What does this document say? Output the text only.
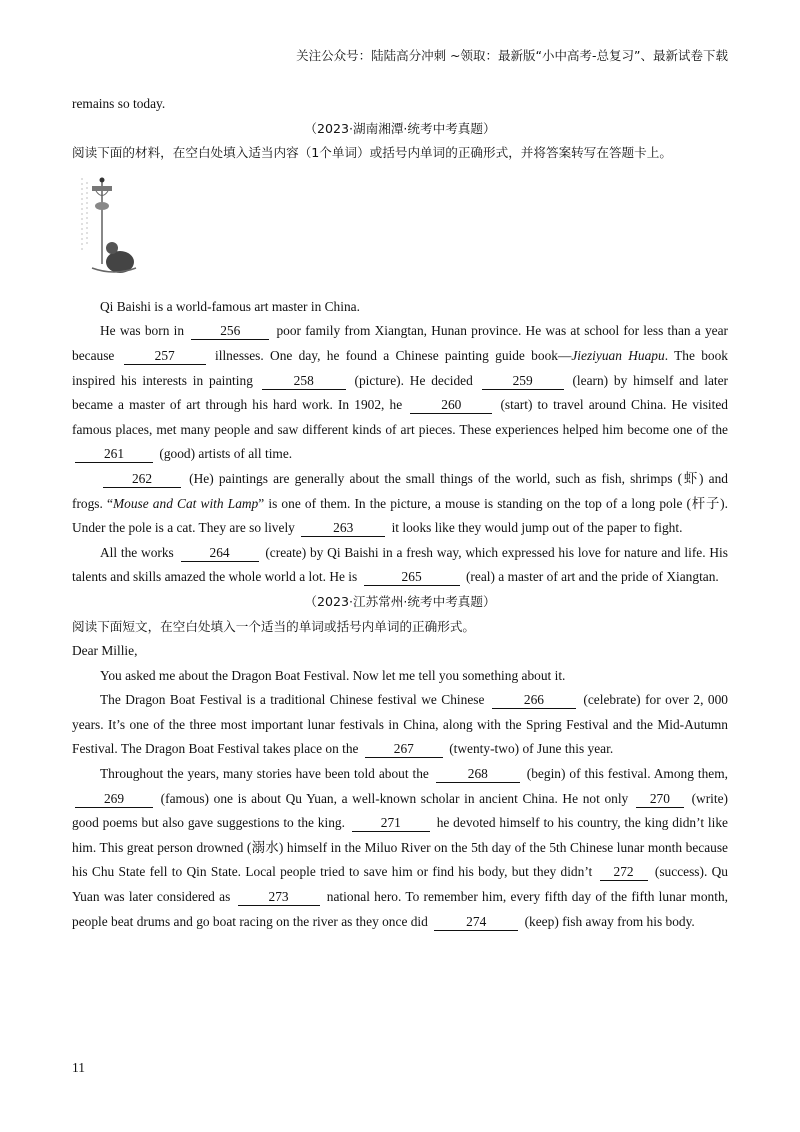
关注公众号：陆陆高分冲刺 ~领取：最新版“小中高考-总复习”、最新试卷下载
remains so today.
（2023·湖南湘潭·统考中考真题）
阅读下面的材料，在空白处填入适当内容（1个单词）或括号内单词的正确形式，并将答案转写在答题卡上。
Qi Baishi is a world-famous art master in China.
He was born in	256	poor family from Xiangtan, Hunan province. He was at school for less than a year because	257	illnesses. One day, he found a Chinese painting guide book—Jieziyuan Huapu. The book inspired his interests in painting	258	(picture). He decided	259	(learn) by himself and later became a master of art through his hard work. In 1902, he	260	(start) to travel around China. He visited famous places, met many people and saw different kinds of art pieces. These experiences helped him become one of the 261	(good) artists of all time.
262	(He) paintings are generally about the small things of the world, such as fish, shrimps (虾) and frogs. “Mouse and Cat with Lamp” is one of them. In the picture, a mouse is standing on the top of a long pole (杆子). Under the pole is a cat. They are so lively	263	it looks like they would jump out of the paper to fight.
All the works	264	(create) by Qi Baishi in a fresh way, which expressed his love for nature and life. His talents and skills amazed the whole world a lot. He is	265	(real) a master of art and the pride of Xiangtan.
（2023·江苏常州·统考中考真题）
阅读下面短文，在空白处填入一个适当的单词或括号内单词的正确形式。
Dear Millie,
You asked me about the Dragon Boat Festival. Now let me tell you something about it.
The Dragon Boat Festival is a traditional Chinese festival we Chinese	266	(celebrate) for over 2, 000 years. It’s one of the three most important lunar festivals in China, along with the Spring Festival and the Mid-Autumn Festival. The Dragon Boat Festival takes place on the	267	(twenty-two) of June this year.
Throughout the years, many stories have been told about the	268	(begin) of this festival. Among them, 269	(famous) one is about Qu Yuan, a well-known scholar in ancient China. He not only 270 (write) good poems but also gave suggestions to the king.	271	he devoted himself to his country, the king didn’t like him. This great person drowned (溺水) himself in the Miluo River on the 5th day of the 5th Chinese lunar month because his Chu State fell to Qin State. Local people tried to save him or find his body, but they didn’t 272 (success). Qu Yuan was later considered as	273	national hero. To remember him, every fifth day of the fifth lunar month, people beat drums and go boat racing on the river as they once did	274	(keep) fish away from his body.
11
